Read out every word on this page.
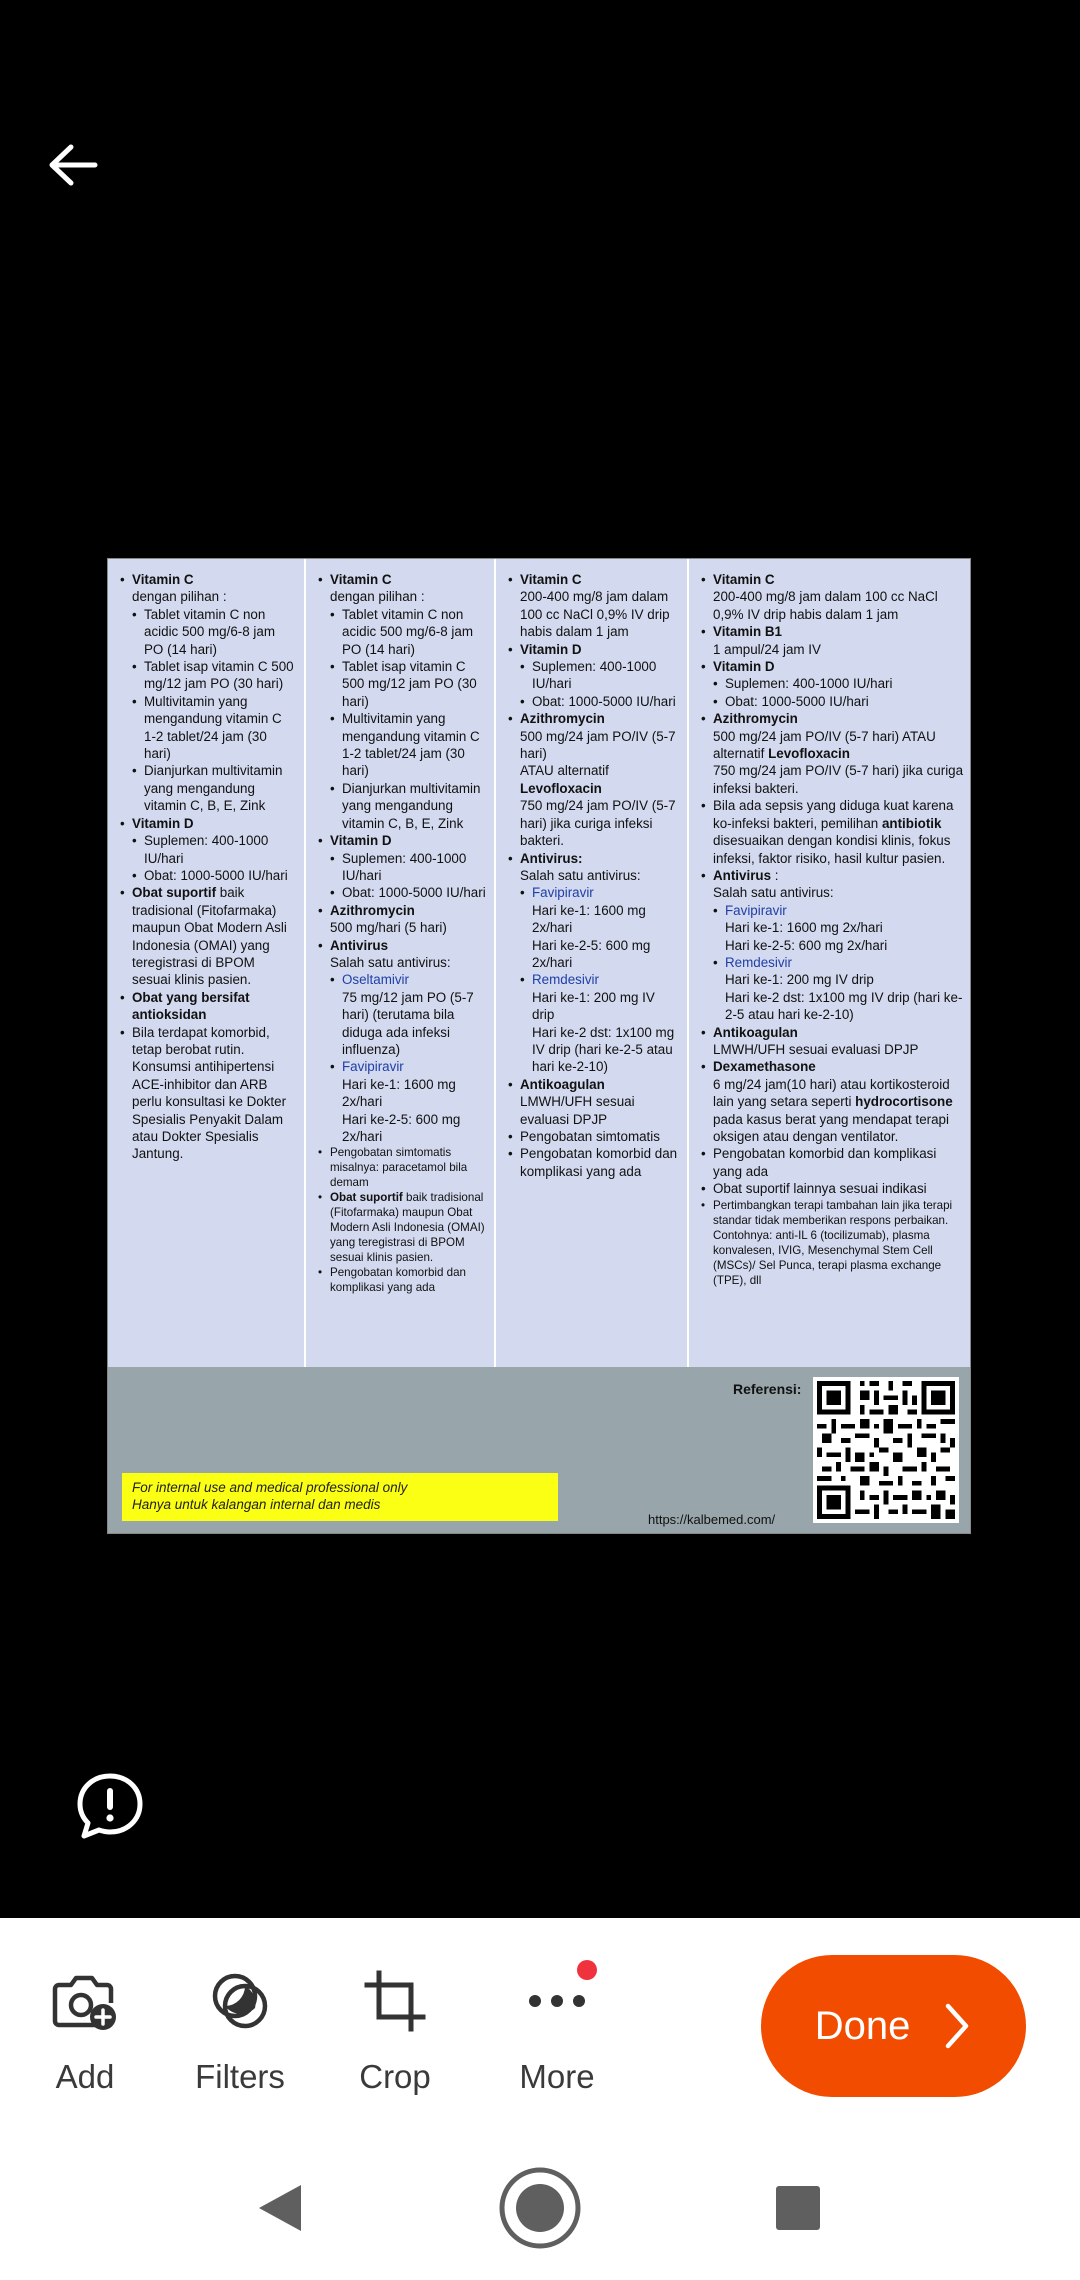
• Vitamin C
dengan pilihan :
• Tablet vitamin C non acidic 500 mg/6-8 jam PO (14 hari)
• Tablet isap vitamin C 500 mg/12 jam PO (30 hari)
• Multivitamin yang mengandung vitamin C 1-2 tablet/24 jam (30 hari)
• Dianjurkan multivitamin yang mengandung vitamin C, B, E, Zink
• Vitamin D
• Suplemen: 400-1000 IU/hari
• Obat: 1000-5000 IU/hari
• Obat suportif baik tradisional (Fitofarmaka) maupun Obat Modern Asli Indonesia (OMAI) yang teregistrasi di BPOM sesuai klinis pasien.
• Obat yang bersifat antioksidan
• Bila terdapat komorbid, tetap berobat rutin. Konsumsi antihipertensi ACE-inhibitor dan ARB perlu konsultasi ke Dokter Spesialis Penyakit Dalam atau Dokter Spesialis Jantung.
• Vitamin C
dengan pilihan :
• Tablet vitamin C non acidic 500 mg/6-8 jam PO (14 hari)
• Tablet isap vitamin C 500 mg/12 jam PO (30 hari)
• Multivitamin yang mengandung vitamin C 1-2 tablet/24 jam (30 hari)
• Dianjurkan multivitamin yang mengandung vitamin C, B, E, Zink
• Vitamin D
• Suplemen: 400-1000 IU/hari
• Obat: 1000-5000 IU/hari
• Azithromycin
500 mg/hari (5 hari)
• Antivirus
Salah satu antivirus:
• Oseltamivir
75 mg/12 jam PO (5-7 hari) (terutama bila diduga ada infeksi influenza)
• Favipiravir
Hari ke-1: 1600 mg 2x/hari
Hari ke-2-5: 600 mg 2x/hari
• Pengobatan simtomatis misalnya: paracetamol bila demam
• Obat suportif baik tradisional (Fitofarmaka) maupun Obat Modern Asli Indonesia (OMAI) yang teregistrasi di BPOM sesuai klinis pasien.
• Pengobatan komorbid dan komplikasi yang ada
• Vitamin C
200-400 mg/8 jam dalam 100 cc NaCl 0,9% IV drip habis dalam 1 jam
• Vitamin D
• Suplemen: 400-1000 IU/hari
• Obat: 1000-5000 IU/hari
• Azithromycin
500 mg/24 jam PO/IV (5-7 hari)
ATAU alternatif
Levofloxacin
750 mg/24 jam PO/IV (5-7 hari) jika curiga infeksi bakteri.
• Antivirus:
Salah satu antivirus:
• Favipiravir
Hari ke-1: 1600 mg 2x/hari
Hari ke-2-5: 600 mg 2x/hari
• Remdesivir
Hari ke-1: 200 mg IV drip
Hari ke-2 dst: 1x100 mg IV drip (hari ke-2-5 atau hari ke-2-10)
• Antikoagulan
LMWH/UFH sesuai evaluasi DPJP
• Pengobatan simtomatis
• Pengobatan komorbid dan komplikasi yang ada
• Vitamin C
200-400 mg/8 jam dalam 100 cc NaCl 0,9% IV drip habis dalam 1 jam
• Vitamin B1
1 ampul/24 jam IV
• Vitamin D
• Suplemen: 400-1000 IU/hari
• Obat: 1000-5000 IU/hari
• Azithromycin
500 mg/24 jam PO/IV (5-7 hari) ATAU alternatif Levofloxacin
750 mg/24 jam PO/IV (5-7 hari) jika curiga infeksi bakteri.
• Bila ada sepsis yang diduga kuat karena ko-infeksi bakteri, pemilihan antibiotik disesuaikan dengan kondisi klinis, fokus infeksi, faktor risiko, hasil kultur pasien.
• Antivirus :
Salah satu antivirus:
• Favipiravir
Hari ke-1: 1600 mg 2x/hari
Hari ke-2-5: 600 mg 2x/hari
• Remdesivir
Hari ke-1: 200 mg IV drip
Hari ke-2 dst: 1x100 mg IV drip (hari ke-2-5 atau hari ke-2-10)
• Antikoagulan
LMWH/UFH sesuai evaluasi DPJP
• Dexamethasone
6 mg/24 jam(10 hari) atau kortikosteroid lain yang setara seperti hydrocortisone pada kasus berat yang mendapat terapi oksigen atau dengan ventilator.
• Pengobatan komorbid dan komplikasi yang ada
• Obat suportif lainnya sesuai indikasi
• Pertimbangkan terapi tambahan lain jika terapi standar tidak memberikan respons perbaikan. Contohnya: anti-IL 6 (tocilizumab), plasma konvalesen, IVIG, Mesenchymal Stem Cell (MSCs)/ Sel Punca, terapi plasma exchange (TPE), dll
Referensi:
https://kalbemed.com/
For internal use and medical professional only
Hanya untuk kalangan internal dan medis
Add	Filters	Crop	More
Done
